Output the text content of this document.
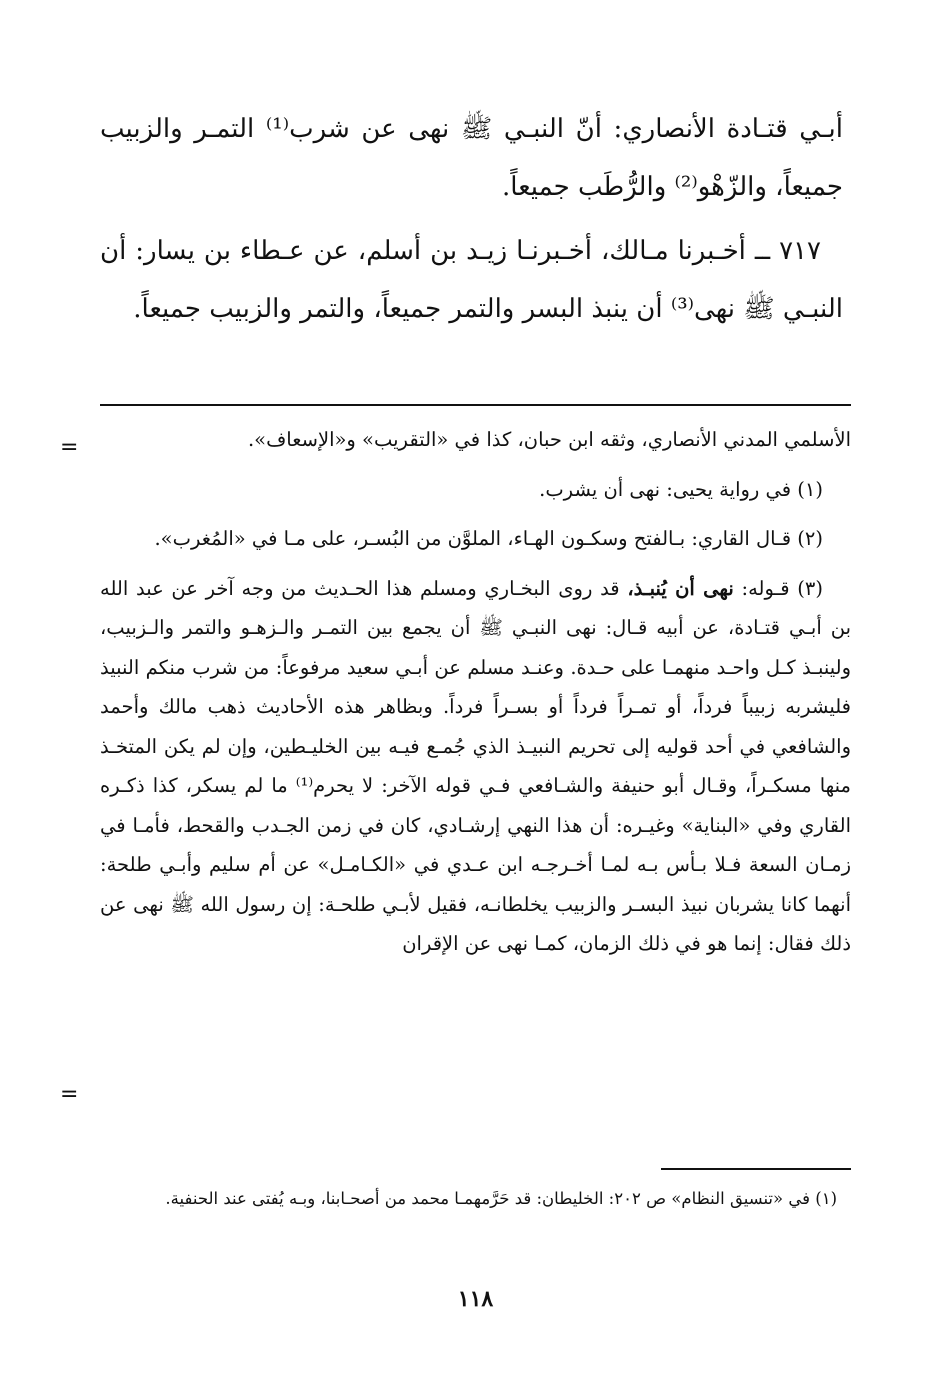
أبـي قتـادة الأنصاري: أنّ النبـي ﷺ نهى عن شرب⁽¹⁾ التمـر والزبيب جميعاً، والزّهْو⁽²⁾ والرُّطَب جميعاً.

٧١٧ ــ أخـبرنا مـالك، أخـبرنـا زيـد بن أسلم، عن عـطاء بن يسار: أن النبـي ﷺ نهى⁽³⁾ أن ينبذ البسر والتمر جميعاً، والتمر والزبيب جميعاً.

=
=

الأسلمي المدني الأنصاري، وثقه ابن حبان، كذا في «التقريب» و«الإسعاف».

(١) في رواية يحيى: نهى أن يشرب.

(٢) قـال القاري: بـالفتح وسكـون الهـاء، الملوَّن من البُسـر، على مـا في «المُغرب».

(٣) قـوله: نهى أن يُنبـذ، قد روى البخـاري ومسلم هذا الحـديث من وجه آخر عن عبد الله بن أبـي قتـادة، عن أبيه قـال: نهى النبـي ﷺ أن يجمع بين التمـر والـزهـو والتمر والـزبيب، ولينبـذ كـل واحـد منهمـا على حـدة. وعنـد مسلم عن أبـي سعيد مرفوعاً: من شرب منكم النبيذ فليشربه زبيباً فرداً، أو تمـراً فرداً أو بسـراً فرداً. وبظاهر هذه الأحاديث ذهب مالك وأحمد والشافعي في أحد قوليه إلى تحريم النبيـذ الذي جُمـع فيـه بين الخليـطين، وإن لم يكن المتخـذ منها مسكـراً، وقـال أبو حنيفة والشـافعي فـي قوله الآخر: لا يحرم⁽¹⁾ ما لم يسكر، كذا ذكـره القاري وفي «البناية» وغيـره: أن هذا النهي إرشـادي، كان في زمن الجـدب والقحط، فأمـا في زمـان السعة فـلا بـأس بـه لمـا أخـرجـه ابن عـدي في «الكـامـل» عن أم سليم وأبـي طلحة: أنهما كانا يشربان نبيذ البسـر والزبيب يخلطانـه، فقيل لأبـي طلحـة: إن رسول الله ﷺ نهى عن ذلك فقال: إنما هو في ذلك الزمان، كمـا نهى عن الإقران

(١) في «تنسيق النظام» ص ٢٠٢: الخليطان: قد حَرَّمهمـا محمد من أصحـابنا، وبـه يُفتى عند الحنفية.

١١٨
